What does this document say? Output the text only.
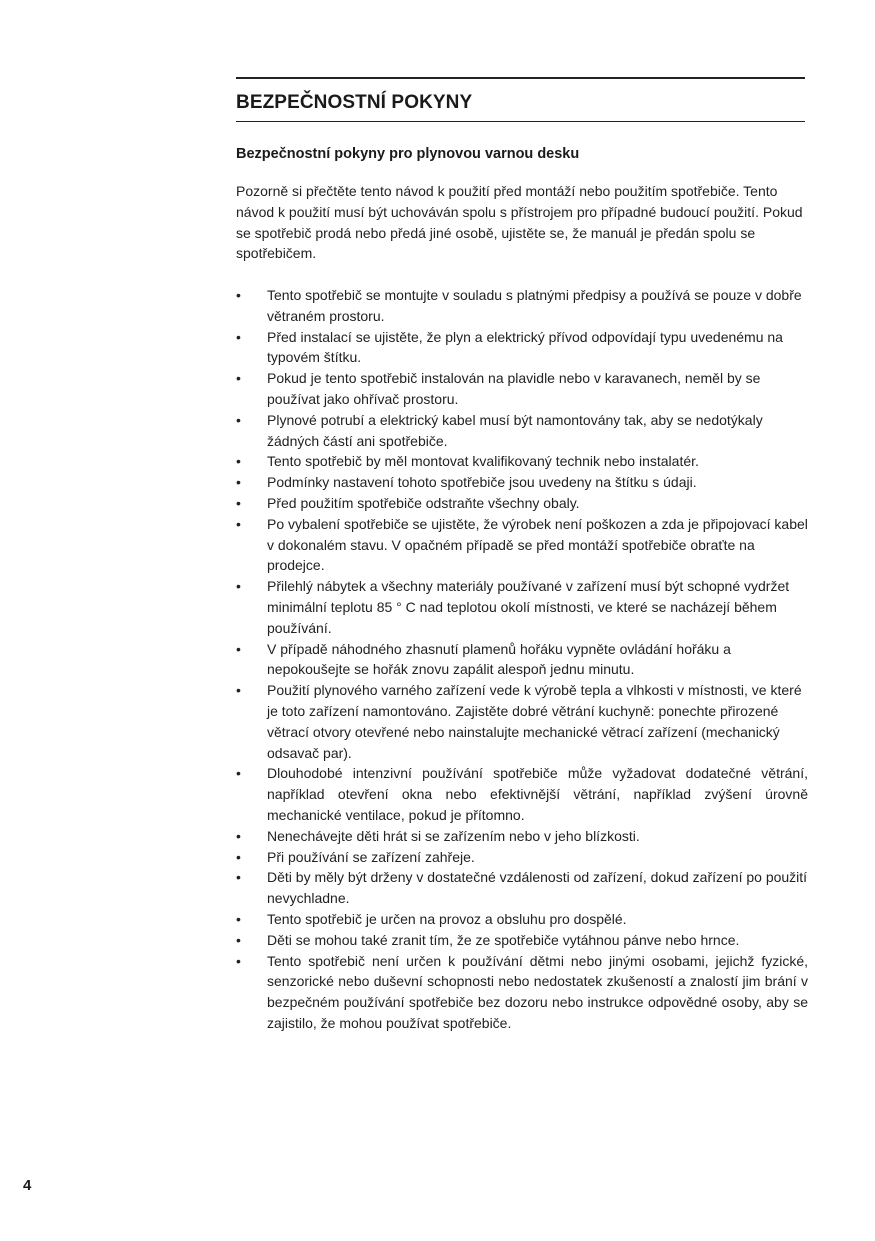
BEZPEČNOSTNÍ POKYNY
Bezpečnostní pokyny pro plynovou varnou desku

Pozorně si přečtěte tento návod k použití před montáží nebo použitím spotřebiče. Tento návod k použití musí být uchováván spolu s přístrojem pro případné budoucí použití. Pokud se spotřebič prodá nebo předá jiné osobě, ujistěte se, že manuál je předán spolu se spotřebičem.

•	Tento spotřebič se montujte v souladu s platnými předpisy a používá se pouze v dobře větraném prostoru.
•	Před instalací se ujistěte, že plyn a elektrický přívod odpovídají typu uvedenému na typovém štítku.
•	Pokud je tento spotřebič instalován na plavidle nebo v karavanech, neměl by se používat jako ohřívač prostoru.
•	Plynové potrubí a elektrický kabel musí být namontovány tak, aby se nedotýkaly žádných částí ani spotřebiče.
•	Tento spotřebič by měl montovat kvalifikovaný technik nebo instalatér.
•	Podmínky nastavení tohoto spotřebiče jsou uvedeny na štítku s údaji.
•	Před použitím spotřebiče odstraňte všechny obaly.
•	Po vybalení spotřebiče se ujistěte, že výrobek není poškozen a zda je připojovací kabel v dokonalém stavu. V opačném případě se před montáží spotřebiče obraťte na prodejce.
•	Přilehlý nábytek a všechny materiály používané v zařízení musí být schopné vydržet minimální teplotu 85 ° C nad teplotou okolí místnosti, ve které se nacházejí během používání.
•	V případě náhodného zhasnutí plamenů hořáku vypněte ovládání hořáku a nepokoušejte se hořák znovu zapálit alespoň jednu minutu.
•	Použití plynového varného zařízení vede k výrobě tepla a vlhkosti v místnosti, ve které je toto zařízení namontováno. Zajistěte dobré větrání kuchyně: ponechte přirozené větrací otvory otevřené nebo nainstalujte mechanické větrací zařízení (mechanický odsavač par).
•	Dlouhodobé intenzivní používání spotřebiče může vyžadovat dodatečné větrání, například otevření okna nebo efektivnější větrání, například zvýšení úrovně mechanické ventilace, pokud je přítomno.
•	Nenechávejte děti hrát si se zařízením nebo v jeho blízkosti.
•	Při používání se zařízení zahřeje.
•	Děti by měly být drženy v dostatečné vzdálenosti od zařízení, dokud zařízení po použití nevychladne.
•	Tento spotřebič je určen na provoz a obsluhu pro dospělé.
•	Děti se mohou také zranit tím, že ze spotřebiče vytáhnou pánve nebo hrnce.
•	Tento spotřebič není určen k používání dětmi nebo jinými osobami, jejichž fyzické, senzorické nebo duševní schopnosti nebo nedostatek zkušeností a znalostí jim brání v bezpečném používání spotřebiče bez dozoru nebo instrukce odpovědné osoby, aby se zajistilo, že mohou používat spotřebiče.

4
